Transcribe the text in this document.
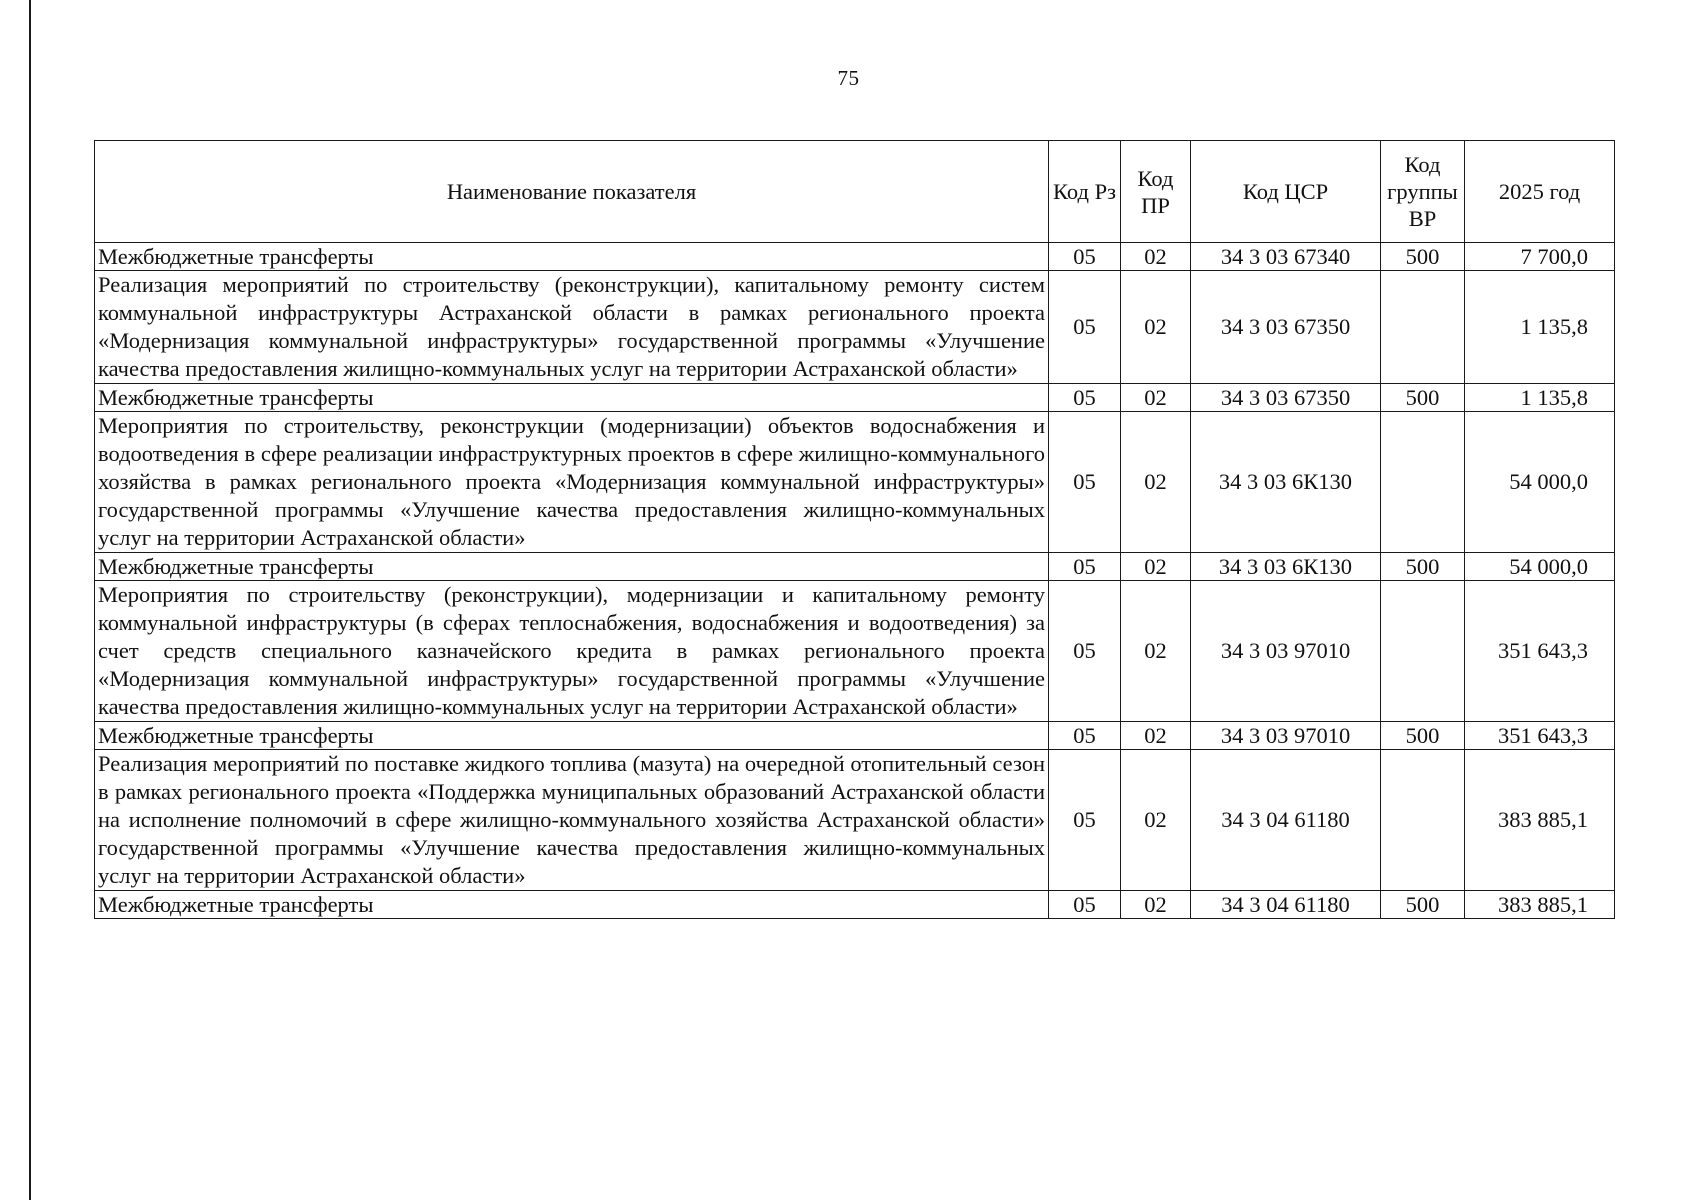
75
Наименование показателя	Код Рз	Код ПР	Код ЦСР	Код группы ВР	2025 год
Межбюджетные трансферты	05	02	34 3 03 67340	500	7 700,0
Реализация мероприятий по строительству (реконструкции), капитальному ремонту систем коммунальной инфраструктуры Астраханской области в рамках регионального проекта «Модернизация коммунальной инфраструктуры» государственной программы «Улучшение качества предоставления жилищно-коммунальных услуг на территории Астраханской области»	05	02	34 3 03 67350		1 135,8
Межбюджетные трансферты	05	02	34 3 03 67350	500	1 135,8
Мероприятия по строительству, реконструкции (модернизации) объектов водоснабжения и водоотведения в сфере реализации инфраструктурных проектов в сфере жилищно-коммунального хозяйства в рамках регионального проекта «Модернизация коммунальной инфраструктуры» государственной программы «Улучшение качества предоставления жилищно-коммунальных услуг на территории Астраханской области»	05	02	34 3 03 6К130		54 000,0
Межбюджетные трансферты	05	02	34 3 03 6К130	500	54 000,0
Мероприятия по строительству (реконструкции), модернизации и капитальному ремонту коммунальной инфраструктуры (в сферах теплоснабжения, водоснабжения и водоотведения) за счет средств специального казначейского кредита в рамках регионального проекта «Модернизация коммунальной инфраструктуры» государственной программы «Улучшение качества предоставления жилищно-коммунальных услуг на территории Астраханской области»	05	02	34 3 03 97010		351 643,3
Межбюджетные трансферты	05	02	34 3 03 97010	500	351 643,3
Реализация мероприятий по поставке жидкого топлива (мазута) на очередной отопительный сезон в рамках регионального проекта «Поддержка муниципальных образований Астраханской области на исполнение полномочий в сфере жилищно-коммунального хозяйства Астраханской области» государственной программы «Улучшение качества предоставления жилищно-коммунальных услуг на территории Астраханской области»	05	02	34 3 04 61180		383 885,1
Межбюджетные трансферты	05	02	34 3 04 61180	500	383 885,1
